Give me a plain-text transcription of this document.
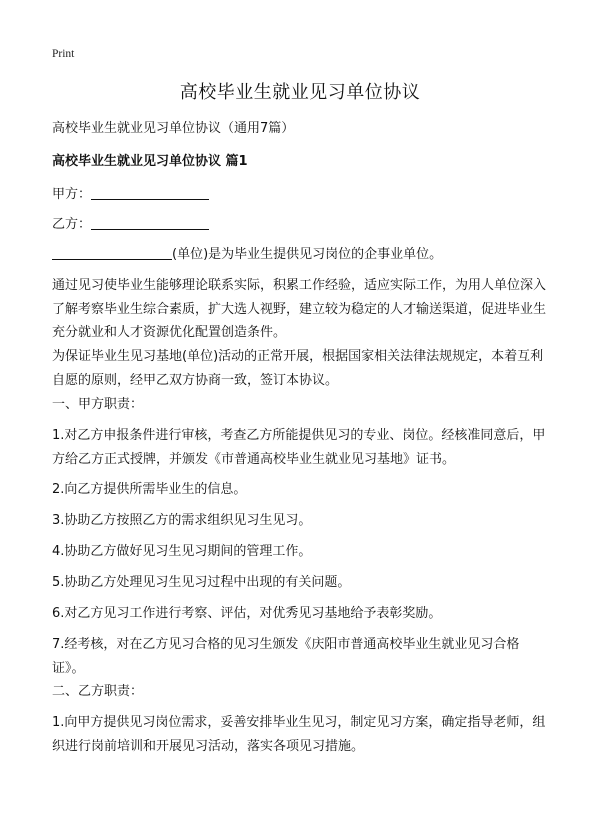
Print
高校毕业生就业见习单位协议
高校毕业生就业见习单位协议（通用7篇）
高校毕业生就业见习单位协议 篇1
甲方：
乙方：
(单位)是为毕业生提供见习岗位的企事业单位。

通过见习使毕业生能够理论联系实际，积累工作经验，适应实际工作，为用人单位深入了解考察毕业生综合素质，扩大选人视野，建立较为稳定的人才输送渠道，促进毕业生充分就业和人才资源优化配置创造条件。

为保证毕业生见习基地(单位)活动的正常开展，根据国家相关法律法规规定，本着互利自愿的原则，经甲乙双方协商一致，签订本协议。

一、甲方职责：

1.对乙方申报条件进行审核，考查乙方所能提供见习的专业、岗位。经核准同意后，甲方给乙方正式授牌，并颁发《市普通高校毕业生就业见习基地》证书。

2.向乙方提供所需毕业生的信息。

3.协助乙方按照乙方的需求组织见习生见习。

4.协助乙方做好见习生见习期间的管理工作。

5.协助乙方处理见习生见习过程中出现的有关问题。

6.对乙方见习工作进行考察、评估，对优秀见习基地给予表彰奖励。

7.经考核，对在乙方见习合格的见习生颁发《庆阳市普通高校毕业生就业见习合格证》。

二、乙方职责：

1.向甲方提供见习岗位需求，妥善安排毕业生见习，制定见习方案，确定指导老师，组织进行岗前培训和开展见习活动，落实各项见习措施。
